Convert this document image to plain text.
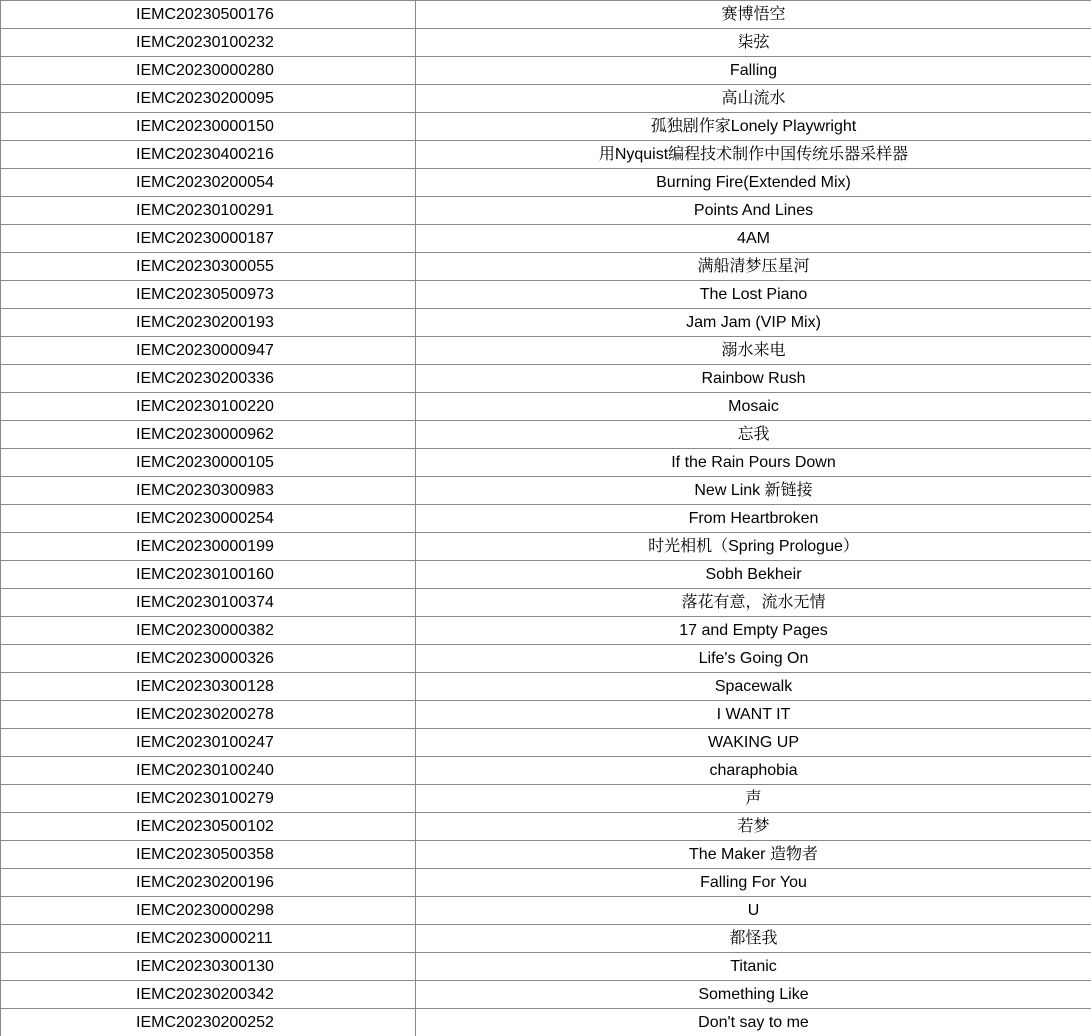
IEMC20230500176	赛博悟空
IEMC20230100232	柒弦
IEMC20230000280	Falling
IEMC20230200095	高山流水
IEMC20230000150	孤独剧作家Lonely Playwright
IEMC20230400216	用Nyquist编程技术制作中国传统乐器采样器
IEMC20230200054	Burning Fire(Extended Mix)
IEMC20230100291	Points And Lines
IEMC20230000187	4AM
IEMC20230300055	满船清梦压星河
IEMC20230500973	The Lost Piano
IEMC20230200193	Jam Jam (VIP Mix)
IEMC20230000947	溺水来电
IEMC20230200336	Rainbow Rush
IEMC20230100220	Mosaic
IEMC20230000962	忘我
IEMC20230000105	If the Rain Pours Down
IEMC20230300983	New Link 新链接
IEMC20230000254	From Heartbroken
IEMC20230000199	时光相机（Spring Prologue）
IEMC20230100160	Sobh Bekheir
IEMC20230100374	落花有意，流水无情
IEMC20230000382	17 and Empty Pages
IEMC20230000326	Life's Going On
IEMC20230300128	Spacewalk
IEMC20230200278	I WANT IT
IEMC20230100247	WAKING UP
IEMC20230100240	charaphobia
IEMC20230100279	声
IEMC20230500102	若梦
IEMC20230500358	The Maker 造物者
IEMC20230200196	Falling For You
IEMC20230000298	U
IEMC20230000211	都怪我
IEMC20230300130	Titanic
IEMC20230200342	Something Like
IEMC20230200252	Don't say to me
